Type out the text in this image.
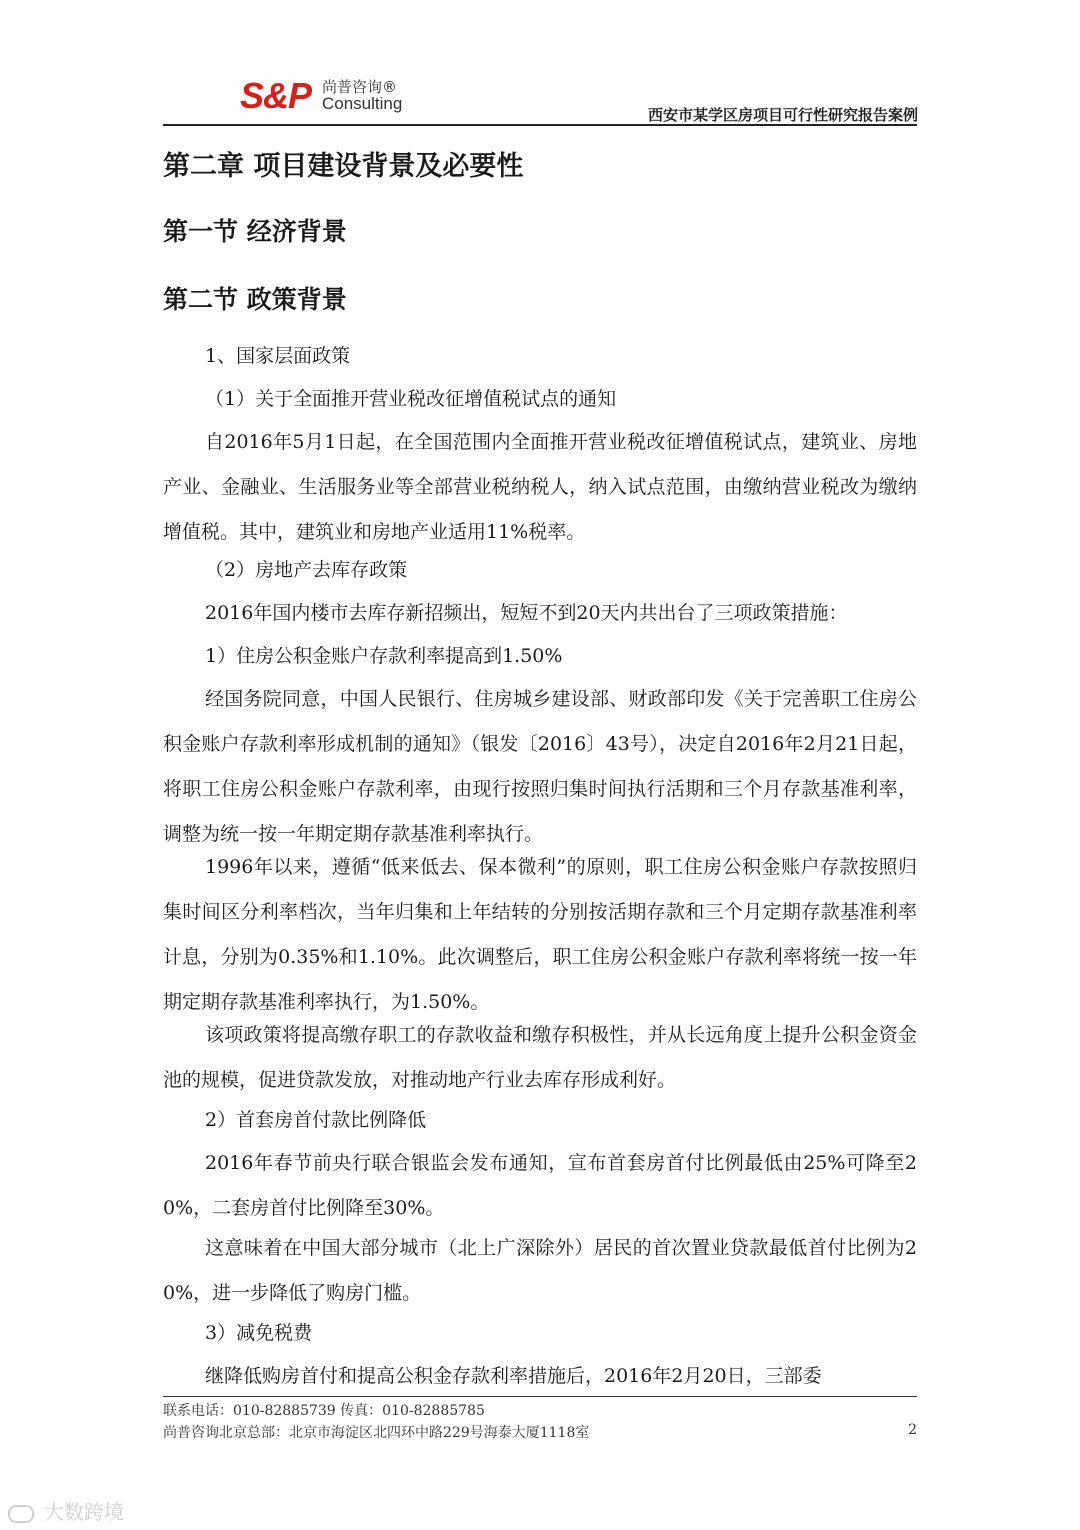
S&P 尚普咨询®
Consulting
西安市某学区房项目可行性研究报告案例
第二章 项目建设背景及必要性
第一节 经济背景
第二节 政策背景
1、国家层面政策
（1）关于全面推开营业税改征增值税试点的通知
自2016年5月1日起，在全国范围内全面推开营业税改征增值税试点，建筑业、房地产业、金融业、生活服务业等全部营业税纳税人，纳入试点范围，由缴纳营业税改为缴纳增值税。其中，建筑业和房地产业适用11%税率。
（2）房地产去库存政策
2016年国内楼市去库存新招频出，短短不到20天内共出台了三项政策措施：
1）住房公积金账户存款利率提高到1.50%
经国务院同意，中国人民银行、住房城乡建设部、财政部印发《关于完善职工住房公积金账户存款利率形成机制的通知》（银发〔2016〕43号），决定自2016年2月21日起，将职工住房公积金账户存款利率，由现行按照归集时间执行活期和三个月存款基准利率，调整为统一按一年期定期存款基准利率执行。
1996年以来，遵循“低来低去、保本微利”的原则，职工住房公积金账户存款按照归集时间区分利率档次，当年归集和上年结转的分别按活期存款和三个月定期存款基准利率计息，分别为0.35%和1.10%。此次调整后，职工住房公积金账户存款利率将统一按一年期定期存款基准利率执行，为1.50%。
该项政策将提高缴存职工的存款收益和缴存积极性，并从长远角度上提升公积金资金池的规模，促进贷款发放，对推动地产行业去库存形成利好。
2）首套房首付款比例降低
2016年春节前央行联合银监会发布通知，宣布首套房首付比例最低由25%可降至20%，二套房首付比例降至30%。
这意味着在中国大部分城市（北上广深除外）居民的首次置业贷款最低首付比例为20%，进一步降低了购房门槛。
3）减免税费
继降低购房首付和提高公积金存款利率措施后，2016年2月20日，三部委
联系电话：010-82885739 传真：010-82885785
尚普咨询北京总部：北京市海淀区北四环中路229号海泰大厦1118室	2
大数跨境
